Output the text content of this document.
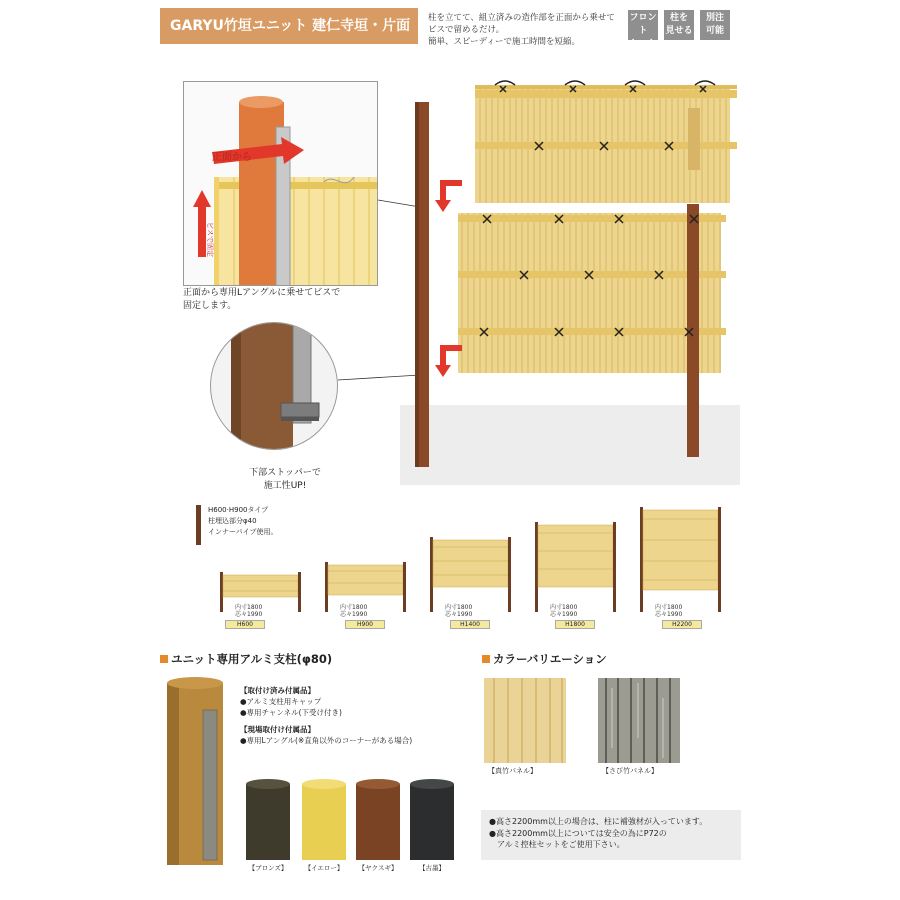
GARYU竹垣ユニット 建仁寺垣・片面	柱を立てて、組立済みの造作部を正面から乗せて
ビスで留めるだけ。
簡単、スピーディーで施工時間を短縮。
フロント
セット
柱を
見せる
別注
可能
正面から
ビスで固定
正面から専用Lアングルに乗せてビスで
固定します。
下部ストッパーで
施工性UP!
H600·H900タイプ
柱埋込部分φ40
インナーパイプ使用。
内寸1800
芯々1990
内寸1800
芯々1990
内寸1800
芯々1990
内寸1800
芯々1990
内寸1800
芯々1990
H600	H900	H1400	H1800	H2200
ユニット専用アルミ支柱(φ80)
【取付け済み付属品】
●アルミ支柱用キャップ
●専用チャンネル(下受け付き)
【現場取付け付属品】
●専用Lアングル(※直角以外のコーナーがある場合)
【ブロンズ】	【イエロー】	【ヤクスギ】	【古墨】
カラーバリエーション
【真竹パネル】	【さび竹パネル】
●高さ2200mm以上の場合は、柱に補強材が入っています。
●高さ2200mm以上については安全の為にP72の
　アルミ控柱セットをご使用下さい。
